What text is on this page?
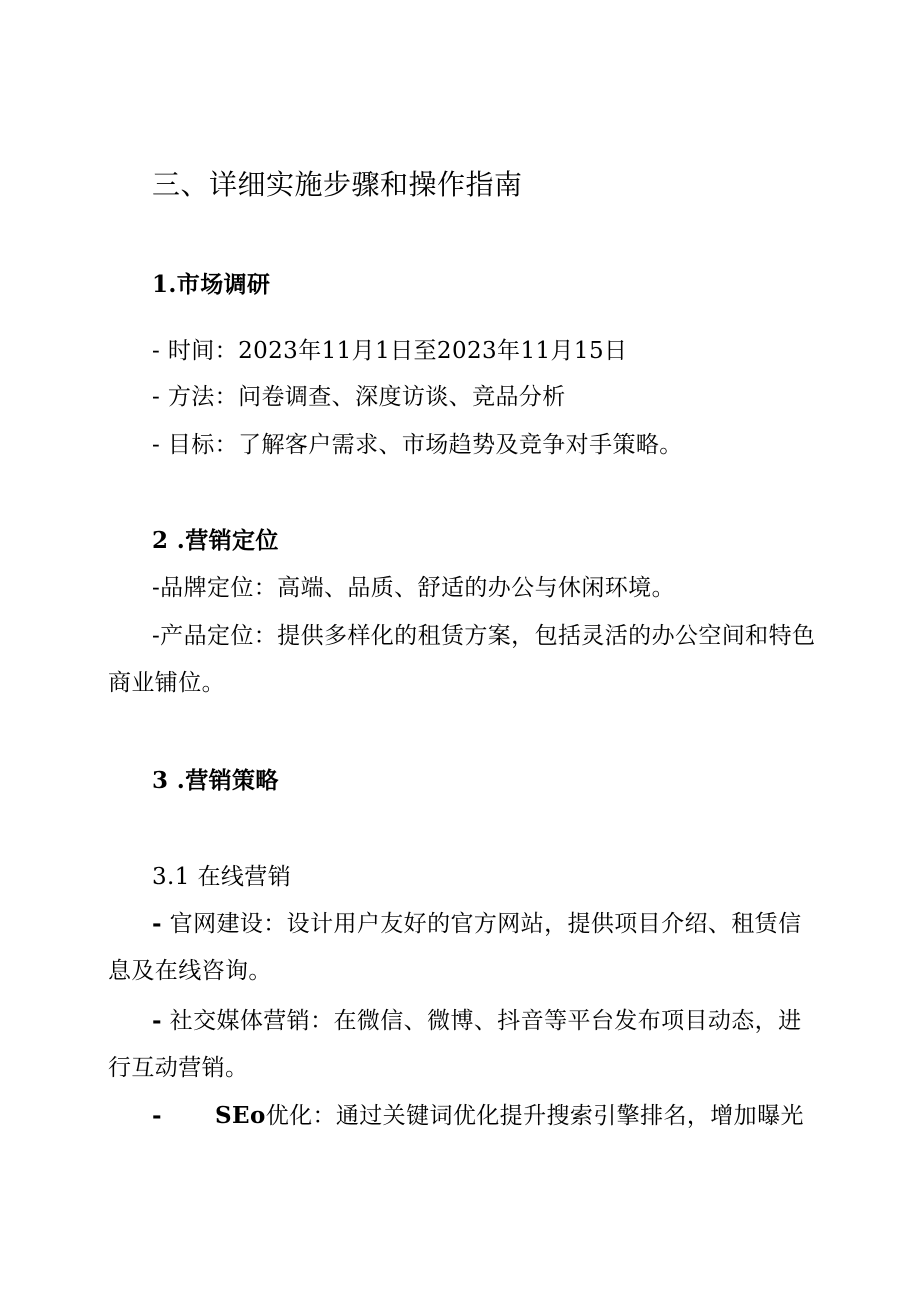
三、详细实施步骤和操作指南
1.市场调研
- 时间：2023年11月1日至2023年11月15日
- 方法：问卷调查、深度访谈、竞品分析
- 目标：了解客户需求、市场趋势及竞争对手策略。
2 .营销定位
-品牌定位：高端、品质、舒适的办公与休闲环境。
-产品定位：提供多样化的租赁方案，包括灵活的办公空间和特色
商业铺位。
3 .营销策略
3.1 在线营销
- 官网建设：设计用户友好的官方网站，提供项目介绍、租赁信
息及在线咨询。
- 社交媒体营销：在微信、微博、抖音等平台发布项目动态，进
行互动营销。
- SEo优化：通过关键词优化提升搜索引擎排名，增加曝光
